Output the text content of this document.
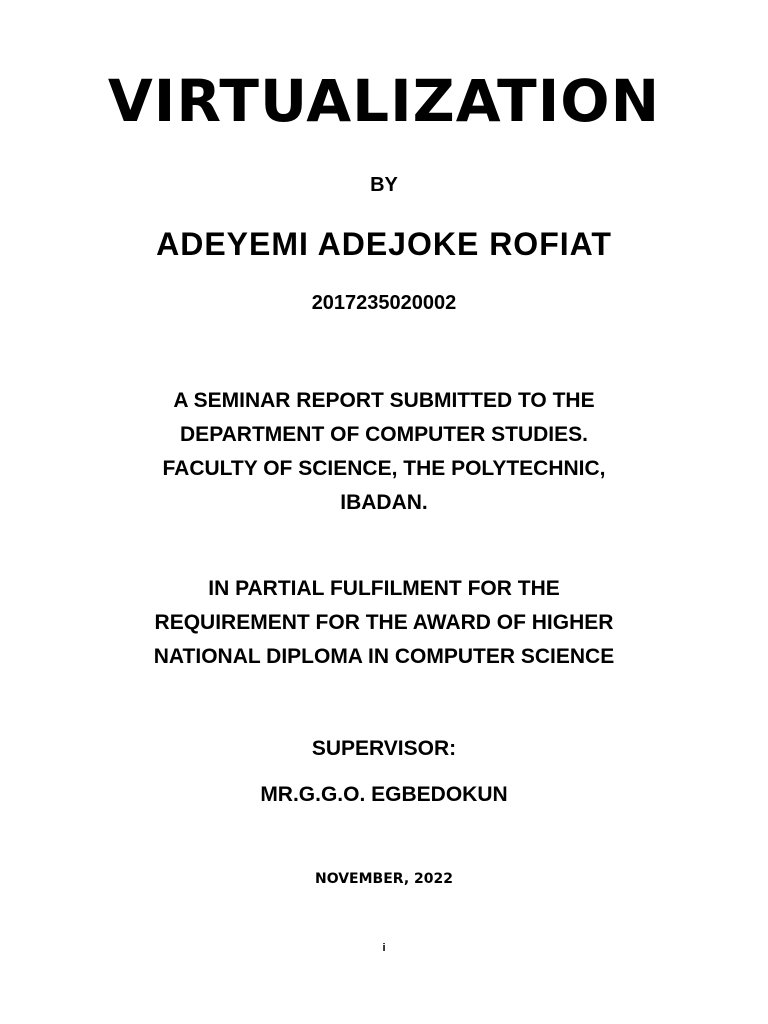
VIRTUALIZATION
BY
ADEYEMI ADEJOKE ROFIAT
2017235020002
A SEMINAR REPORT SUBMITTED TO THE
DEPARTMENT OF COMPUTER STUDIES.
FACULTY OF SCIENCE, THE POLYTECHNIC,
IBADAN.
IN PARTIAL FULFILMENT FOR THE
REQUIREMENT FOR THE AWARD OF HIGHER
NATIONAL DIPLOMA IN COMPUTER SCIENCE
SUPERVISOR:
MR.G.G.O. EGBEDOKUN
NOVEMBER, 2022
i
